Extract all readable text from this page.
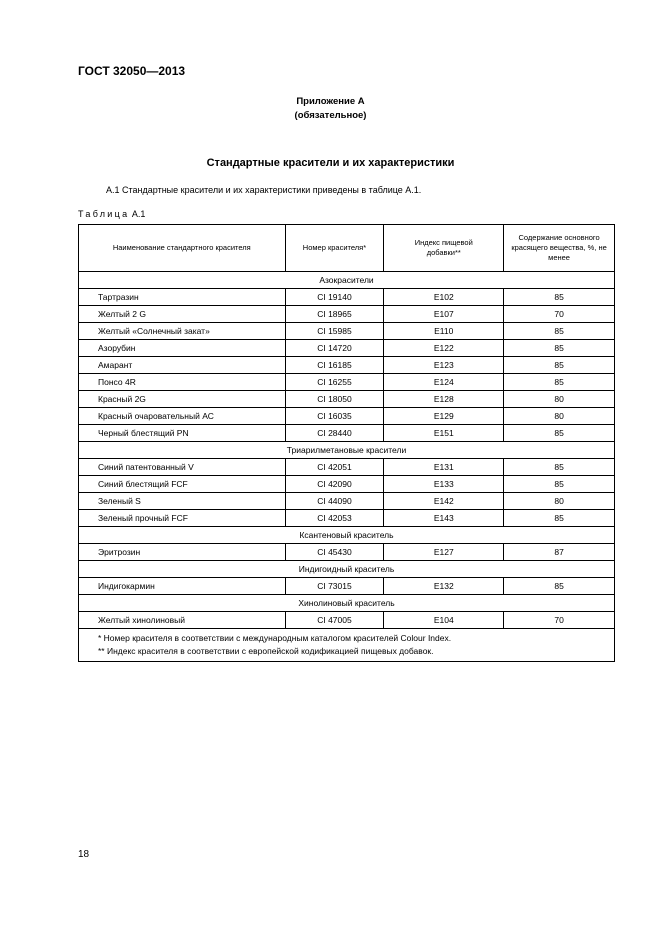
ГОСТ 32050—2013
Приложение А
(обязательное)
Стандартные красители и их характеристики
А.1 Стандартные красители и их характеристики приведены в таблице А.1.
Таблица А.1
Наименование стандартного красителя	Номер красителя*	Индекс пищевой добавки**	Содержание основного красящего вещества, %, не менее
Азокрасители			
Тартразин	CI 19140	E102	85
Желтый 2 G	CI 18965	E107	70
Желтый «Солнечный закат»	CI 15985	E110	85
Азорубин	CI 14720	E122	85
Амарант	CI 16185	E123	85
Понсо 4R	CI 16255	E124	85
Красный 2G	CI 18050	E128	80
Красный очаровательный АС	CI 16035	E129	80
Черный блестящий PN	CI 28440	E151	85
Триарилметановые красители			
Синий патентованный V	CI 42051	E131	85
Синий блестящий FCF	CI 42090	E133	85
Зеленый S	CI 44090	E142	80
Зеленый прочный FCF	CI 42053	E143	85
Ксантеновый краситель			
Эритрозин	CI 45430	E127	87
Индигоидный краситель			
Индигокармин	CI 73015	E132	85
Хинолиновый краситель			
Желтый хинолиновый	CI 47005	E104	70

* Номер красителя в соответствии с международным каталогом красителей Colour Index.
** Индекс красителя в соответствии с европейской кодификацией пищевых добавок.			
18
